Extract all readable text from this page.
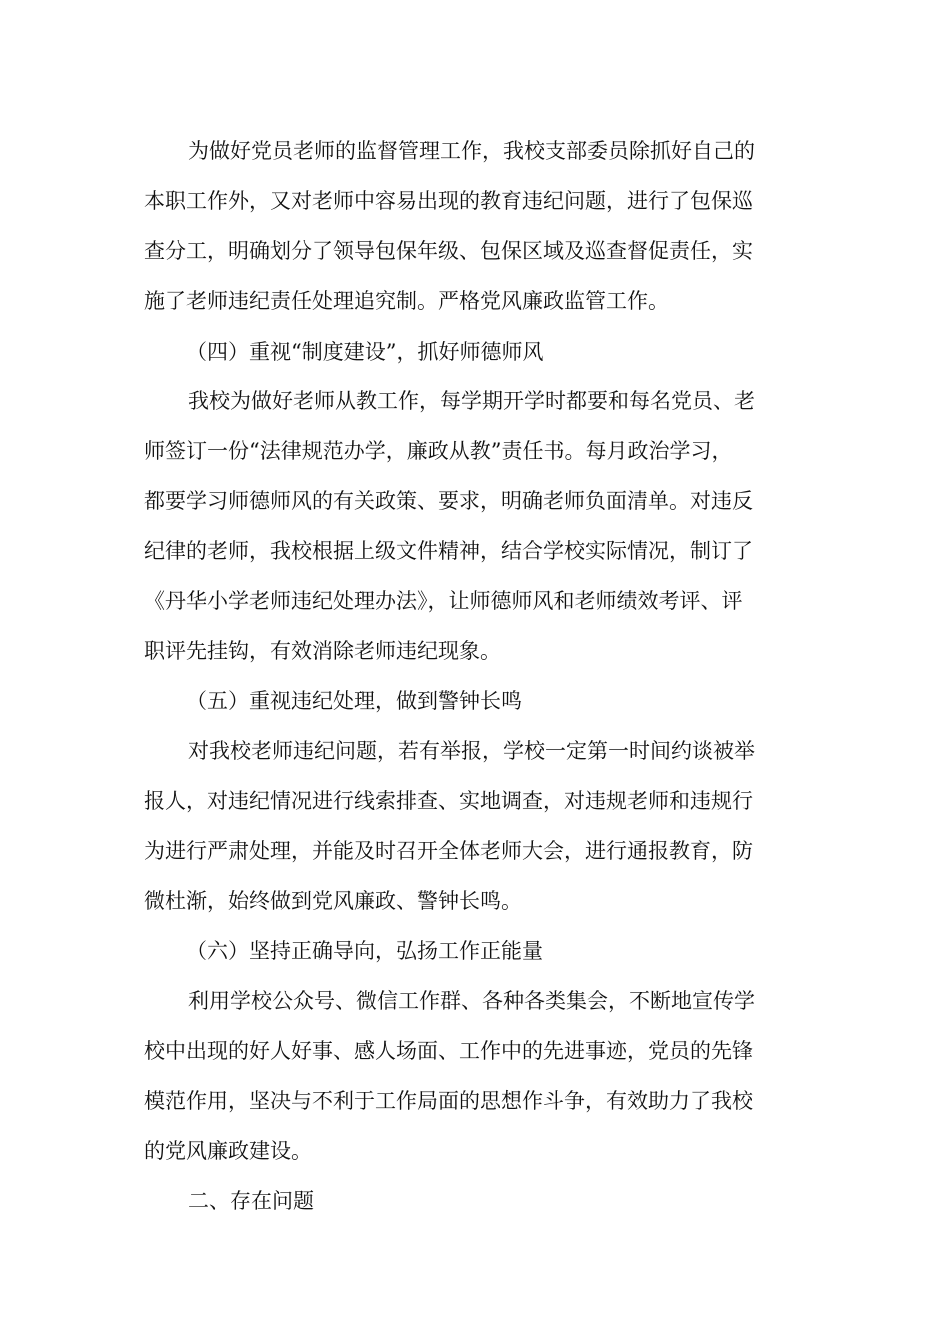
为做好党员老师的监督管理工作，我校支部委员除抓好自己的
本职工作外，又对老师中容易出现的教育违纪问题，进行了包保巡
查分工，明确划分了领导包保年级、包保区域及巡查督促责任，实
施了老师违纪责任处理追究制。严格党风廉政监管工作。
（四）重视“制度建设”，抓好师德师风
我校为做好老师从教工作，每学期开学时都要和每名党员、老
师签订一份“法律规范办学，廉政从教”责任书。每月政治学习，
都要学习师德师风的有关政策、要求，明确老师负面清单。对违反
纪律的老师，我校根据上级文件精神，结合学校实际情况，制订了
《丹华小学老师违纪处理办法》，让师德师风和老师绩效考评、评
职评先挂钩，有效消除老师违纪现象。
（五）重视违纪处理，做到警钟长鸣
对我校老师违纪问题，若有举报，学校一定第一时间约谈被举
报人，对违纪情况进行线索排查、实地调查，对违规老师和违规行
为进行严肃处理，并能及时召开全体老师大会，进行通报教育，防
微杜渐，始终做到党风廉政、警钟长鸣。
（六）坚持正确导向，弘扬工作正能量
利用学校公众号、微信工作群、各种各类集会，不断地宣传学
校中出现的好人好事、感人场面、工作中的先进事迹，党员的先锋
模范作用，坚决与不利于工作局面的思想作斗争，有效助力了我校
的党风廉政建设。
二、存在问题
